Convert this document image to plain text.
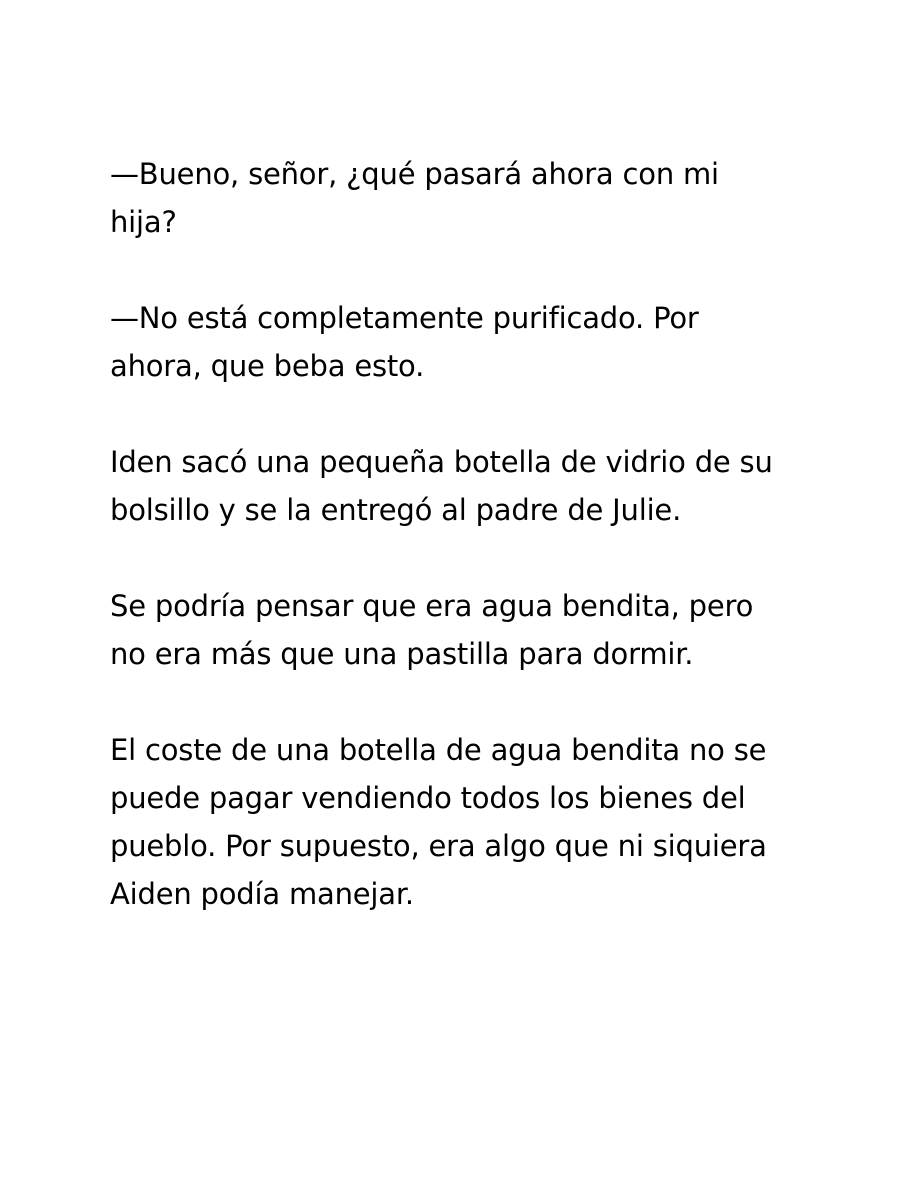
—Bueno, señor, ¿qué pasará ahora con mi
hija?

—No está completamente purificado. Por
ahora, que beba esto.

Iden sacó una pequeña botella de vidrio de su
bolsillo y se la entregó al padre de Julie.

Se podría pensar que era agua bendita, pero
no era más que una pastilla para dormir.

El coste de una botella de agua bendita no se
puede pagar vendiendo todos los bienes del
pueblo. Por supuesto, era algo que ni siquiera
Aiden podía manejar.
